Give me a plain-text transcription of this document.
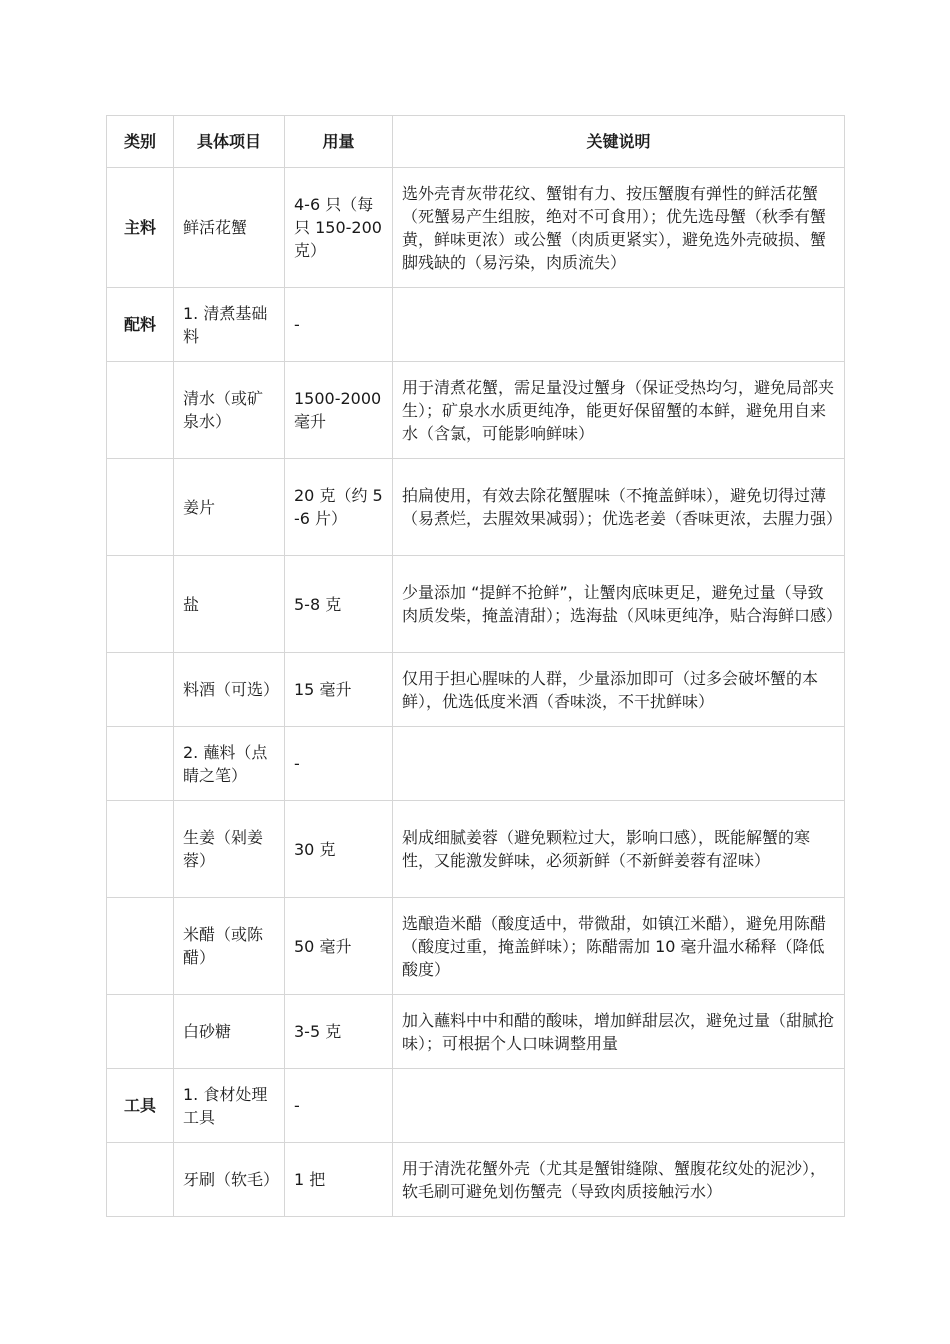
类别	具体项目	用量	关键说明
主料	鲜活花蟹	4-6 只（每只 150-200 克）	选外壳青灰带花纹、蟹钳有力、按压蟹腹有弹性的鲜活花蟹（死蟹易产生组胺，绝对不可食用）；优先选母蟹（秋季有蟹黄，鲜味更浓）或公蟹（肉质更紧实），避免选外壳破损、蟹脚残缺的（易污染，肉质流失）
配料	1. 清煮基础料	-	
	清水（或矿泉水）	1500-2000 毫升	用于清煮花蟹，需足量没过蟹身（保证受热均匀，避免局部夹生）；矿泉水水质更纯净，能更好保留蟹的本鲜，避免用自来水（含氯，可能影响鲜味）
	姜片	20 克（约 5-6 片）	拍扁使用，有效去除花蟹腥味（不掩盖鲜味），避免切得过薄（易煮烂，去腥效果减弱）；优选老姜（香味更浓，去腥力强）
	盐	5-8 克	少量添加 “提鲜不抢鲜”，让蟹肉底味更足，避免过量（导致肉质发柴，掩盖清甜）；选海盐（风味更纯净，贴合海鲜口感）
	料酒（可选）	15 毫升	仅用于担心腥味的人群，少量添加即可（过多会破坏蟹的本鲜），优选低度米酒（香味淡，不干扰鲜味）
	2. 蘸料（点睛之笔）	-	
	生姜（剁姜蓉）	30 克	剁成细腻姜蓉（避免颗粒过大，影响口感），既能解蟹的寒性，又能激发鲜味，必须新鲜（不新鲜姜蓉有涩味）
	米醋（或陈醋）	50 毫升	选酿造米醋（酸度适中，带微甜，如镇江米醋），避免用陈醋（酸度过重，掩盖鲜味）；陈醋需加 10 毫升温水稀释（降低酸度）
	白砂糖	3-5 克	加入蘸料中中和醋的酸味，增加鲜甜层次，避免过量（甜腻抢味）；可根据个人口味调整用量
工具	1. 食材处理工具	-	
	牙刷（软毛）	1 把	用于清洗花蟹外壳（尤其是蟹钳缝隙、蟹腹花纹处的泥沙），软毛刷可避免划伤蟹壳（导致肉质接触污水）
